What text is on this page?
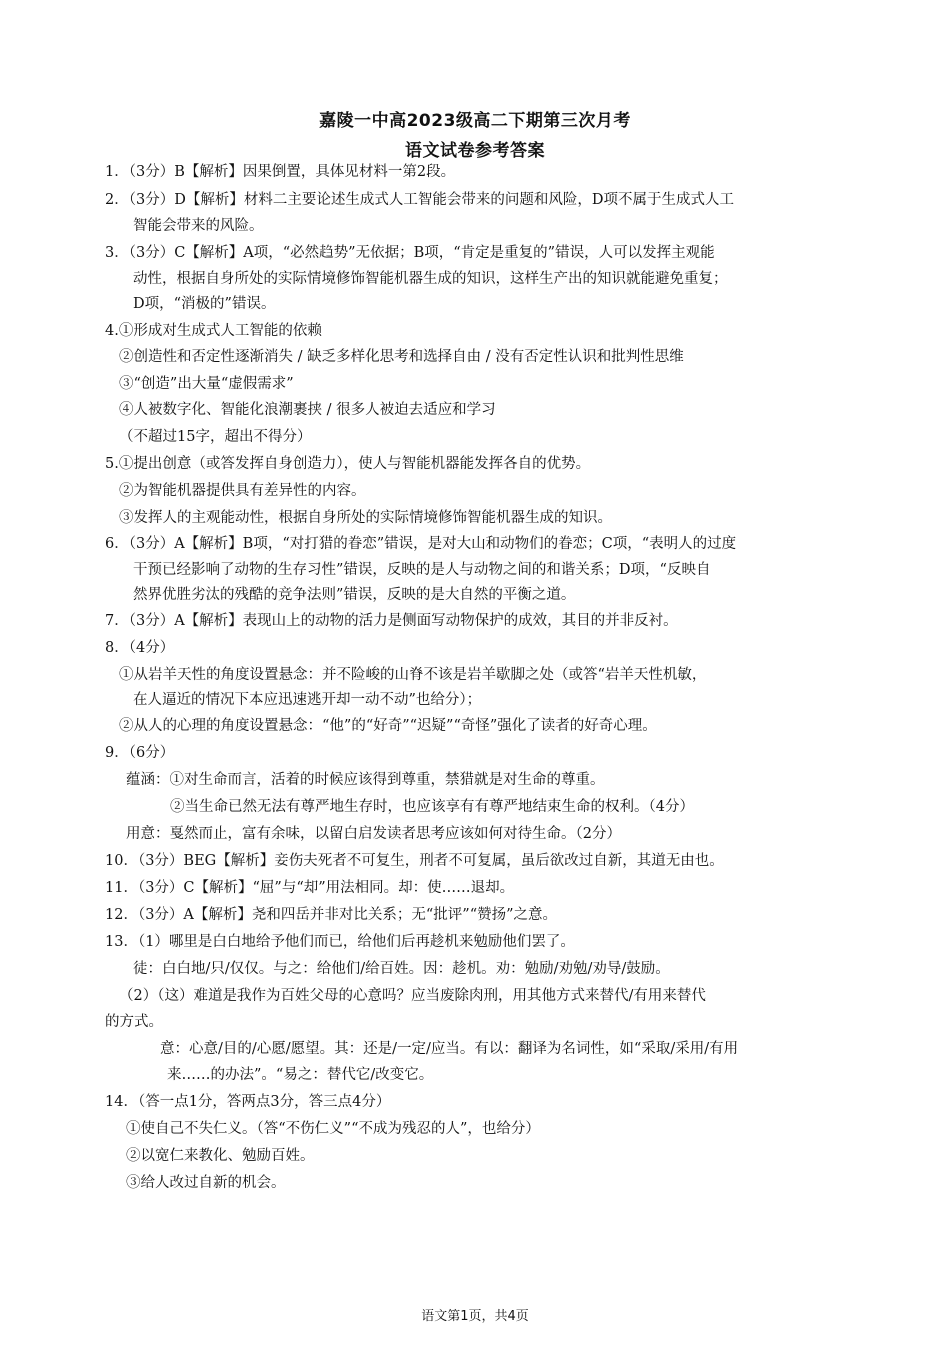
嘉陵一中高2023级高二下期第三次月考
语文试卷参考答案
1．（3分）B【解析】因果倒置，具体见材料一第2段。
2．（3分）D【解析】材料二主要论述生成式人工智能会带来的问题和风险，D项不属于生成式人工
智能会带来的风险。
3．（3分）C【解析】A项，“必然趋势”无依据；B项，“肯定是重复的”错误，人可以发挥主观能
动性，根据自身所处的实际情境修饰智能机器生成的知识，这样生产出的知识就能避免重复；
D项，“消极的”错误。
4.①形成对生成式人工智能的依赖
②创造性和否定性逐渐消失 / 缺乏多样化思考和选择自由 / 没有否定性认识和批判性思维
③“创造”出大量“虚假需求”
④人被数字化、智能化浪潮裹挟 / 很多人被迫去适应和学习
（不超过15字，超出不得分）
5.①提出创意（或答发挥自身创造力），使人与智能机器能发挥各自的优势。
②为智能机器提供具有差异性的内容。
③发挥人的主观能动性，根据自身所处的实际情境修饰智能机器生成的知识。
6．（3分）A【解析】B项，“对打猎的眷恋”错误，是对大山和动物们的眷恋；C项，“表明人的过度
干预已经影响了动物的生存习性”错误，反映的是人与动物之间的和谐关系；D项，“反映自
然界优胜劣汰的残酷的竞争法则”错误，反映的是大自然的平衡之道。
7．（3分）A【解析】表现山上的动物的活力是侧面写动物保护的成效，其目的并非反衬。
8．（4分）
①从岩羊天性的角度设置悬念：并不险峻的山脊不该是岩羊歇脚之处（或答“岩羊天性机敏，
在人逼近的情况下本应迅速逃开却一动不动”也给分）；
②从人的心理的角度设置悬念：“他”的“好奇”“迟疑”“奇怪”强化了读者的好奇心理。
9．（6分）
蕴涵：①对生命而言，活着的时候应该得到尊重，禁猎就是对生命的尊重。
②当生命已然无法有尊严地生存时，也应该享有有尊严地结束生命的权利。（4分）
用意：戛然而止，富有余味，以留白启发读者思考应该如何对待生命。（2分）
10．（3分）BEG【解析】妾伤夫死者不可复生，刑者不可复属，虽后欲改过自新，其道无由也。
11．（3分）C【解析】“屈”与“却”用法相同。却：使……退却。
12．（3分）A【解析】尧和四岳并非对比关系；无“批评”“赞扬”之意。
13．（1）哪里是白白地给予他们而已，给他们后再趁机来勉励他们罢了。
徒：白白地/只/仅仅。与之：给他们/给百姓。因：趁机。劝：勉励/劝勉/劝导/鼓励。
（2）（这）难道是我作为百姓父母的心意吗？应当废除肉刑，用其他方式来替代/有用来替代
的方式。
意：心意/目的/心愿/愿望。其：还是/一定/应当。有以：翻译为名词性，如“采取/采用/有用
来……的办法”。“易之：替代它/改变它。
14．（答一点1分，答两点3分，答三点4分）
①使自己不失仁义。（答“不伤仁义”“不成为残忍的人”，也给分）
②以宽仁来教化、勉励百姓。
③给人改过自新的机会。
语文第1页，共4页
